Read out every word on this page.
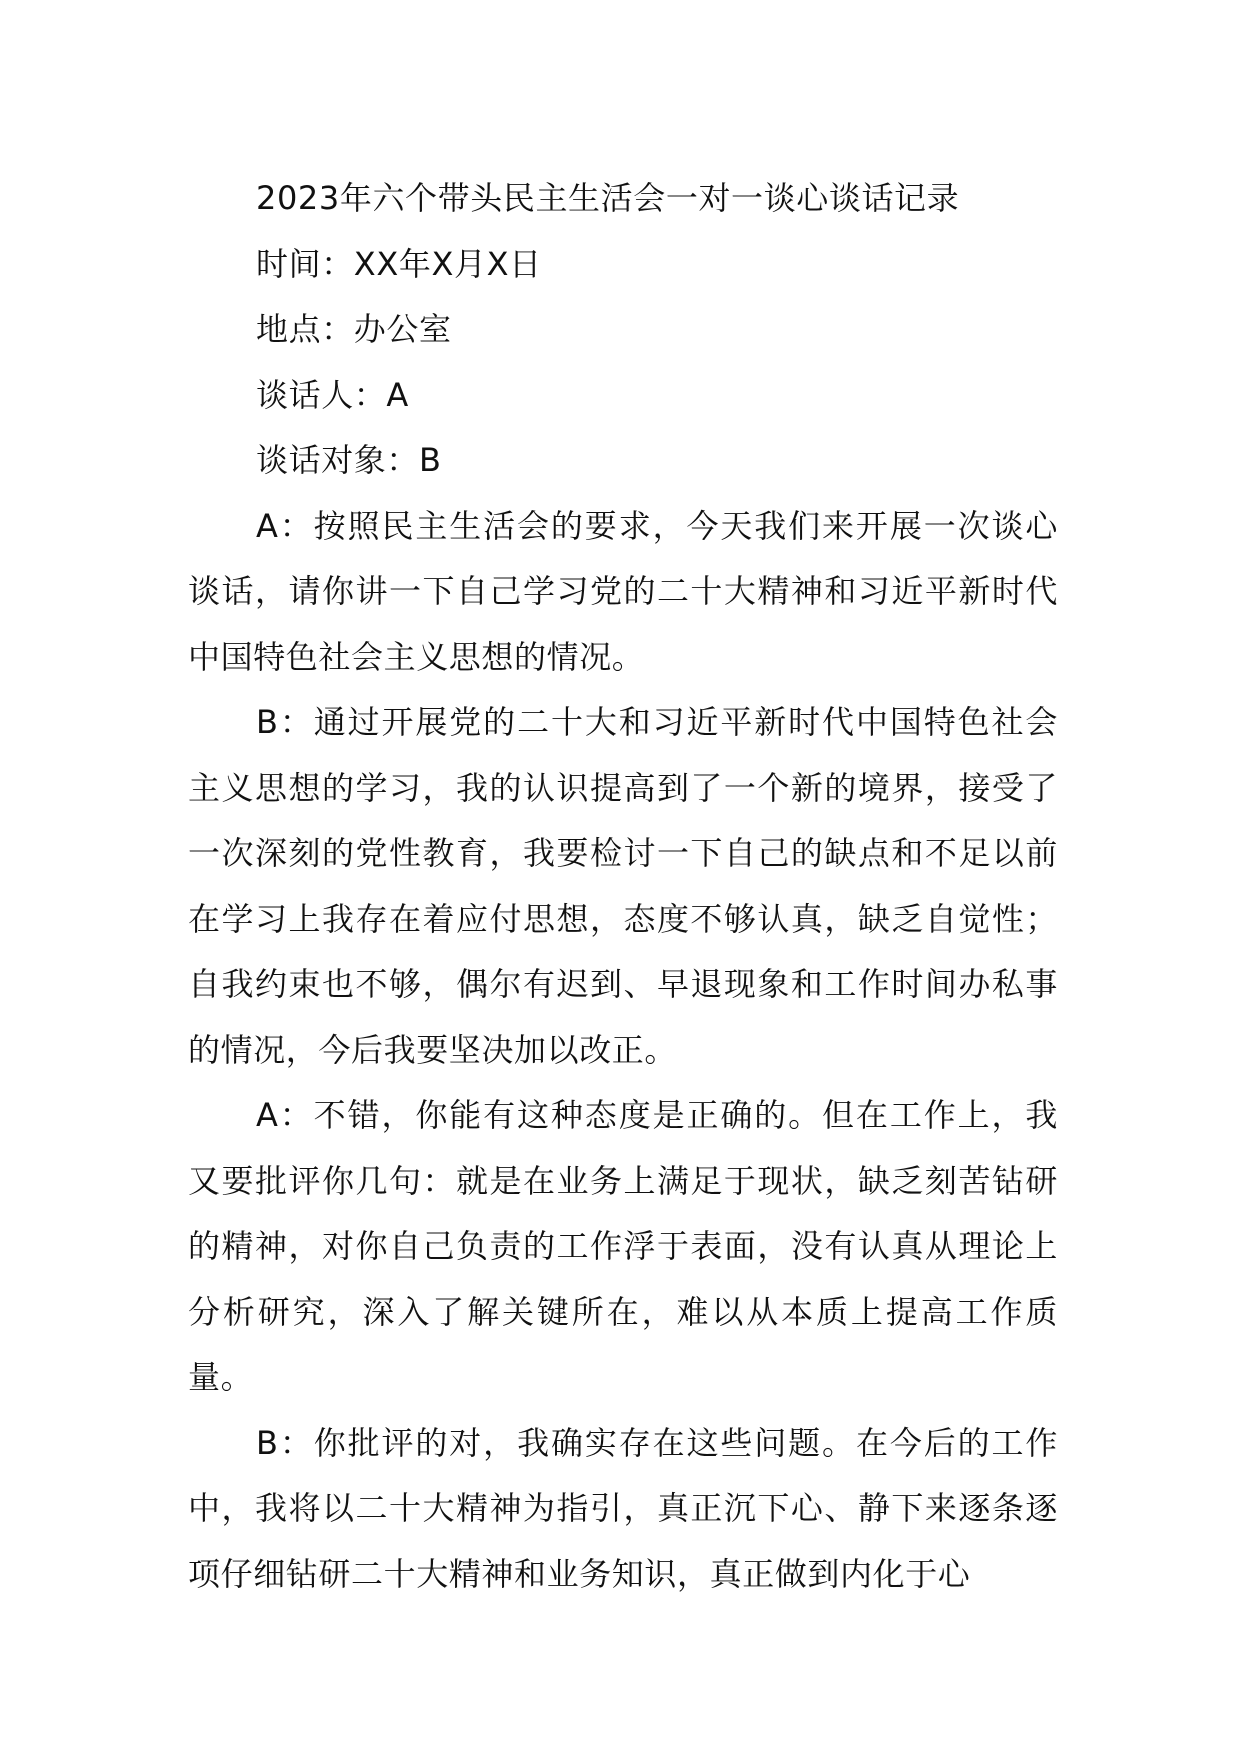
2023年六个带头民主生活会一对一谈心谈话记录

时间：XX年X月X日

地点：办公室

谈话人：A

谈话对象：B

A：按照民主生活会的要求，今天我们来开展一次谈心谈话，请你讲一下自己学习党的二十大精神和习近平新时代中国特色社会主义思想的情况。

B：通过开展党的二十大和习近平新时代中国特色社会主义思想的学习，我的认识提高到了一个新的境界，接受了一次深刻的党性教育，我要检讨一下自己的缺点和不足以前在学习上我存在着应付思想，态度不够认真，缺乏自觉性；自我约束也不够，偶尔有迟到、早退现象和工作时间办私事的情况，今后我要坚决加以改正。

A：不错，你能有这种态度是正确的。但在工作上，我又要批评你几句：就是在业务上满足于现状，缺乏刻苦钻研的精神，对你自己负责的工作浮于表面，没有认真从理论上分析研究，深入了解关键所在，难以从本质上提高工作质量。

B：你批评的对，我确实存在这些问题。在今后的工作中，我将以二十大精神为指引，真正沉下心、静下来逐条逐项仔细钻研二十大精神和业务知识，真正做到内化于心
